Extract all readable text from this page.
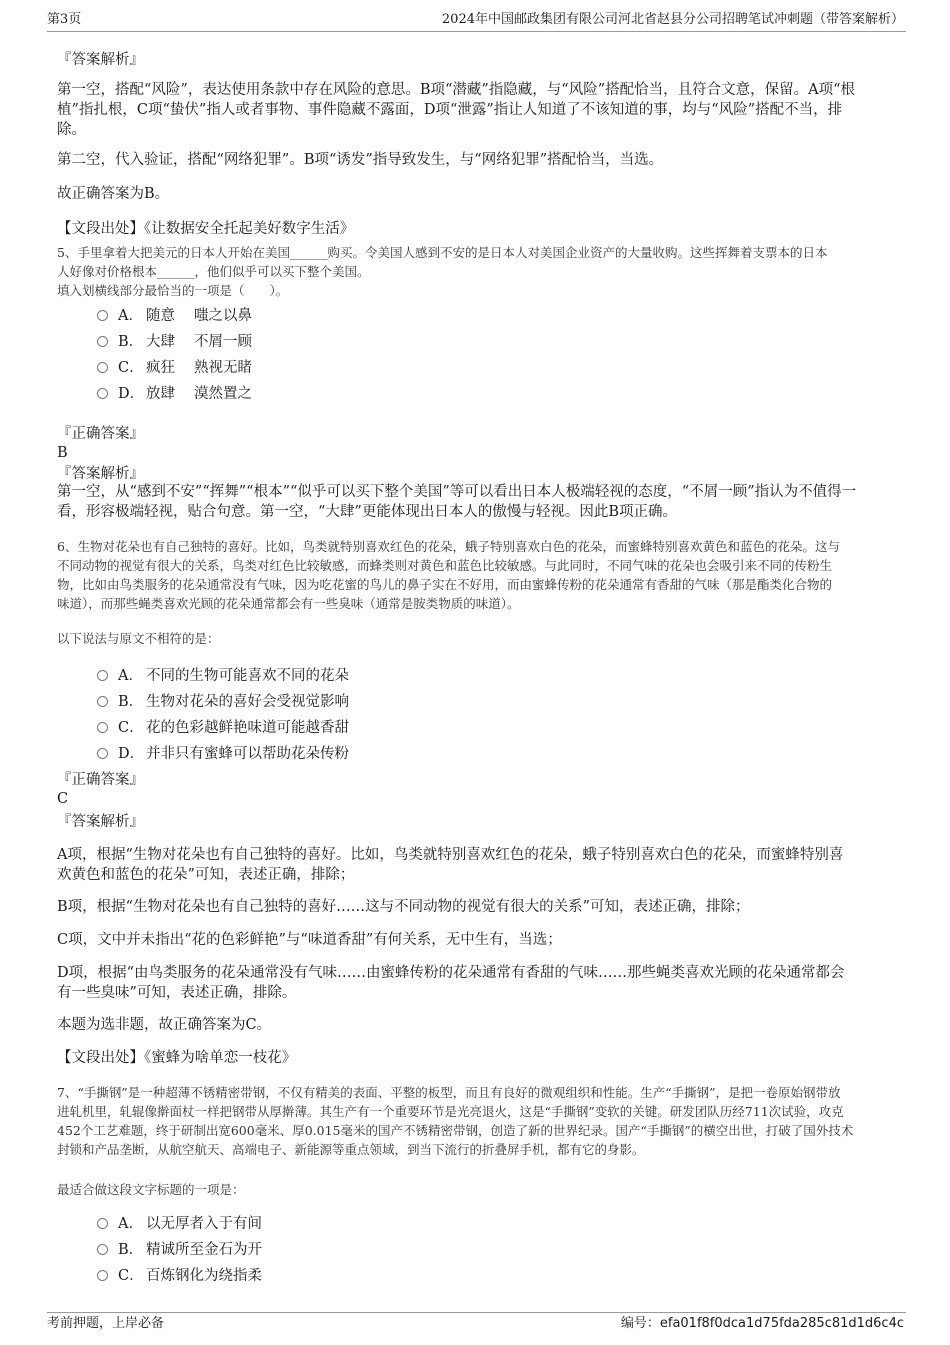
第3页	2024年中国邮政集团有限公司河北省赵县分公司招聘笔试冲刺题（带答案解析）
『答案解析』
第一空，搭配“风险”，表达使用条款中存在风险的意思。B项“潜藏”指隐藏，与“风险”搭配恰当，且符合文意，保留。A项“根
植”指扎根，C项“蛰伏”指人或者事物、事件隐藏不露面，D项“泄露”指让人知道了不该知道的事，均与“风险”搭配不当，排
除。
第二空，代入验证，搭配“网络犯罪”。B项“诱发”指导致发生，与“网络犯罪”搭配恰当，当选。
故正确答案为B。
【文段出处】《让数据安全托起美好数字生活》
5、手里拿着大把美元的日本人开始在美国______购买。令美国人感到不安的是日本人对美国企业资产的大量收购。这些挥舞着支票本的日本
人好像对价格根本______，他们似乎可以买下整个美国。
填入划横线部分最恰当的一项是（　　）。
A． 随意 嗤之以鼻
B． 大肆 不屑一顾
C． 疯狂 熟视无睹
D． 放肆 漠然置之
『正确答案』
B
『答案解析』
第一空，从“感到不安”“挥舞”“根本”“似乎可以买下整个美国”等可以看出日本人极端轻视的态度，“不屑一顾”指认为不值得一
看，形容极端轻视，贴合句意。第一空，“大肆”更能体现出日本人的傲慢与轻视。因此B项正确。
6、生物对花朵也有自己独特的喜好。比如，鸟类就特别喜欢红色的花朵，蛾子特别喜欢白色的花朵，而蜜蜂特别喜欢黄色和蓝色的花朵。这与
不同动物的视觉有很大的关系，鸟类对红色比较敏感，而蜂类则对黄色和蓝色比较敏感。与此同时，不同气味的花朵也会吸引来不同的传粉生
物，比如由鸟类服务的花朵通常没有气味，因为吃花蜜的鸟儿的鼻子实在不好用，而由蜜蜂传粉的花朵通常有香甜的气味（那是酯类化合物的
味道），而那些蝇类喜欢光顾的花朵通常都会有一些臭味（通常是胺类物质的味道）。
以下说法与原文不相符的是：
A． 不同的生物可能喜欢不同的花朵
B． 生物对花朵的喜好会受视觉影响
C． 花的色彩越鲜艳味道可能越香甜
D． 并非只有蜜蜂可以帮助花朵传粉
『正确答案』
C
『答案解析』
A项，根据“生物对花朵也有自己独特的喜好。比如，鸟类就特别喜欢红色的花朵，蛾子特别喜欢白色的花朵，而蜜蜂特别喜
欢黄色和蓝色的花朵”可知，表述正确，排除；
B项，根据“生物对花朵也有自己独特的喜好……这与不同动物的视觉有很大的关系”可知，表述正确，排除；
C项，文中并未指出“花的色彩鲜艳”与“味道香甜”有何关系，无中生有，当选；
D项，根据“由鸟类服务的花朵通常没有气味……由蜜蜂传粉的花朵通常有香甜的气味……那些蝇类喜欢光顾的花朵通常都会
有一些臭味”可知，表述正确，排除。
本题为选非题，故正确答案为C。
【文段出处】《蜜蜂为啥单恋一枝花》
7、“手撕钢”是一种超薄不锈精密带钢，不仅有精美的表面、平整的板型，而且有良好的微观组织和性能。生产“手撕钢”，是把一卷原始钢带放
进轧机里，轧辊像擀面杖一样把钢带从厚擀薄。其生产有一个重要环节是光亮退火，这是“手撕钢”变软的关键。研发团队历经711次试验，攻克
452个工艺难题，终于研制出宽600毫米、厚0.015毫米的国产不锈精密带钢，创造了新的世界纪录。国产“手撕钢”的横空出世，打破了国外技术
封锁和产品垄断，从航空航天、高端电子、新能源等重点领域，到当下流行的折叠屏手机，都有它的身影。
最适合做这段文字标题的一项是：
A． 以无厚者入于有间
B． 精诚所至金石为开
C． 百炼钢化为绕指柔
考前押题，上岸必备	编号：efa01f8f0dca1d75fda285c81d1d6c4c
